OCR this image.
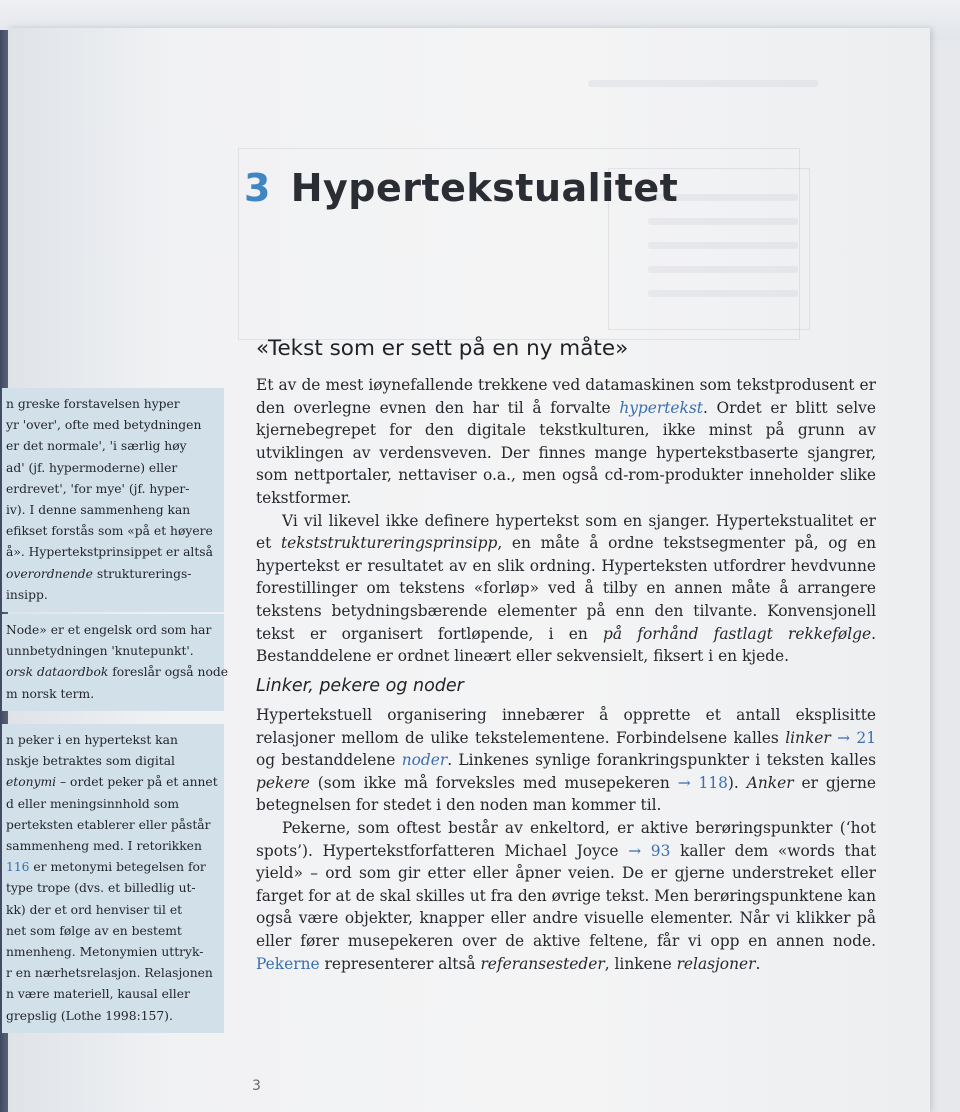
3 Hypertekstualitet
«Tekst som er sett på en ny måte»

Et av de mest iøynefallende trekkene ved datamaskinen som tekstprodusent er den overlegne evnen den har til å forvalte hypertekst. Ordet er blitt selve kjernebegrepet for den digitale tekstkulturen, ikke minst på grunn av utviklingen av verdensveven. Der finnes mange hypertekstbaserte sjangrer, som nettportaler, nettaviser o.a., men også cd-rom-produkter inneholder slike tekstformer.

Vi vil likevel ikke definere hypertekst som en sjanger. Hypertekstualitet er et tekststruktureringsprinsipp, en måte å ordne tekstsegmenter på, og en hypertekst er resultatet av en slik ordning. Hyperteksten utfordrer hevdvunne forestillinger om tekstens «forløp» ved å tilby en annen måte å arrangere tekstens betydningsbærende elementer på enn den tilvante. Konvensjonell tekst er organisert fortløpende, i en på forhånd fastlagt rekkefølge. Bestanddelene er ordnet lineært eller sekvensielt, fiksert i en kjede.

Linker, pekere og noder

Hypertekstuell organisering innebærer å opprette et antall eksplisitte relasjoner mellom de ulike tekstelementene. Forbindelsene kalles linker → 21 og bestanddelene noder. Linkenes synlige forankringspunkter i teksten kalles pekere (som ikke må forveksles med musepekeren → 118). Anker er gjerne betegnelsen for stedet i den noden man kommer til.

Pekerne, som oftest består av enkeltord, er aktive berøringspunkter (‘hot spots’). Hypertekstforfatteren Michael Joyce → 93 kaller dem «words that yield» – ord som gir etter eller åpner veien. De er gjerne understreket eller farget for at de skal skilles ut fra den øvrige tekst. Men berøringspunktene kan også være objekter, knapper eller andre visuelle elementer. Når vi klikker på eller fører musepekeren over de aktive feltene, får vi opp en annen node. Pekerne representerer altså referansesteder, linkene relasjoner.

n greske forstavelsen hyper
yr 'over', ofte med betydningen
er det normale', 'i særlig høy
ad' (jf. hypermoderne) eller
erdrevet', 'for mye' (jf. hyper-
iv). I denne sammenheng kan
efikset forstås som «på et høyere
å». Hypertekstprinsippet er altså
overordnende strukturerings-
insipp.
Node» er et engelsk ord som har
unnbetydningen 'knutepunkt'.
orsk dataordbok foreslår også node
m norsk term.
n peker i en hypertekst kan
nskje betraktes som digital
etonymi – ordet peker på et annet
d eller meningsinnhold som
perteksten etablerer eller påstår
sammenheng med. I retorikken
116 er metonymi betegelsen for
type trope (dvs. et billedlig ut-
kk) der et ord henviser til et
net som følge av en bestemt
nmenheng. Metonymien uttryk-
r en nærhetsrelasjon. Relasjonen
n være materiell, kausal eller
grepslig (Lothe 1998:157).
3
